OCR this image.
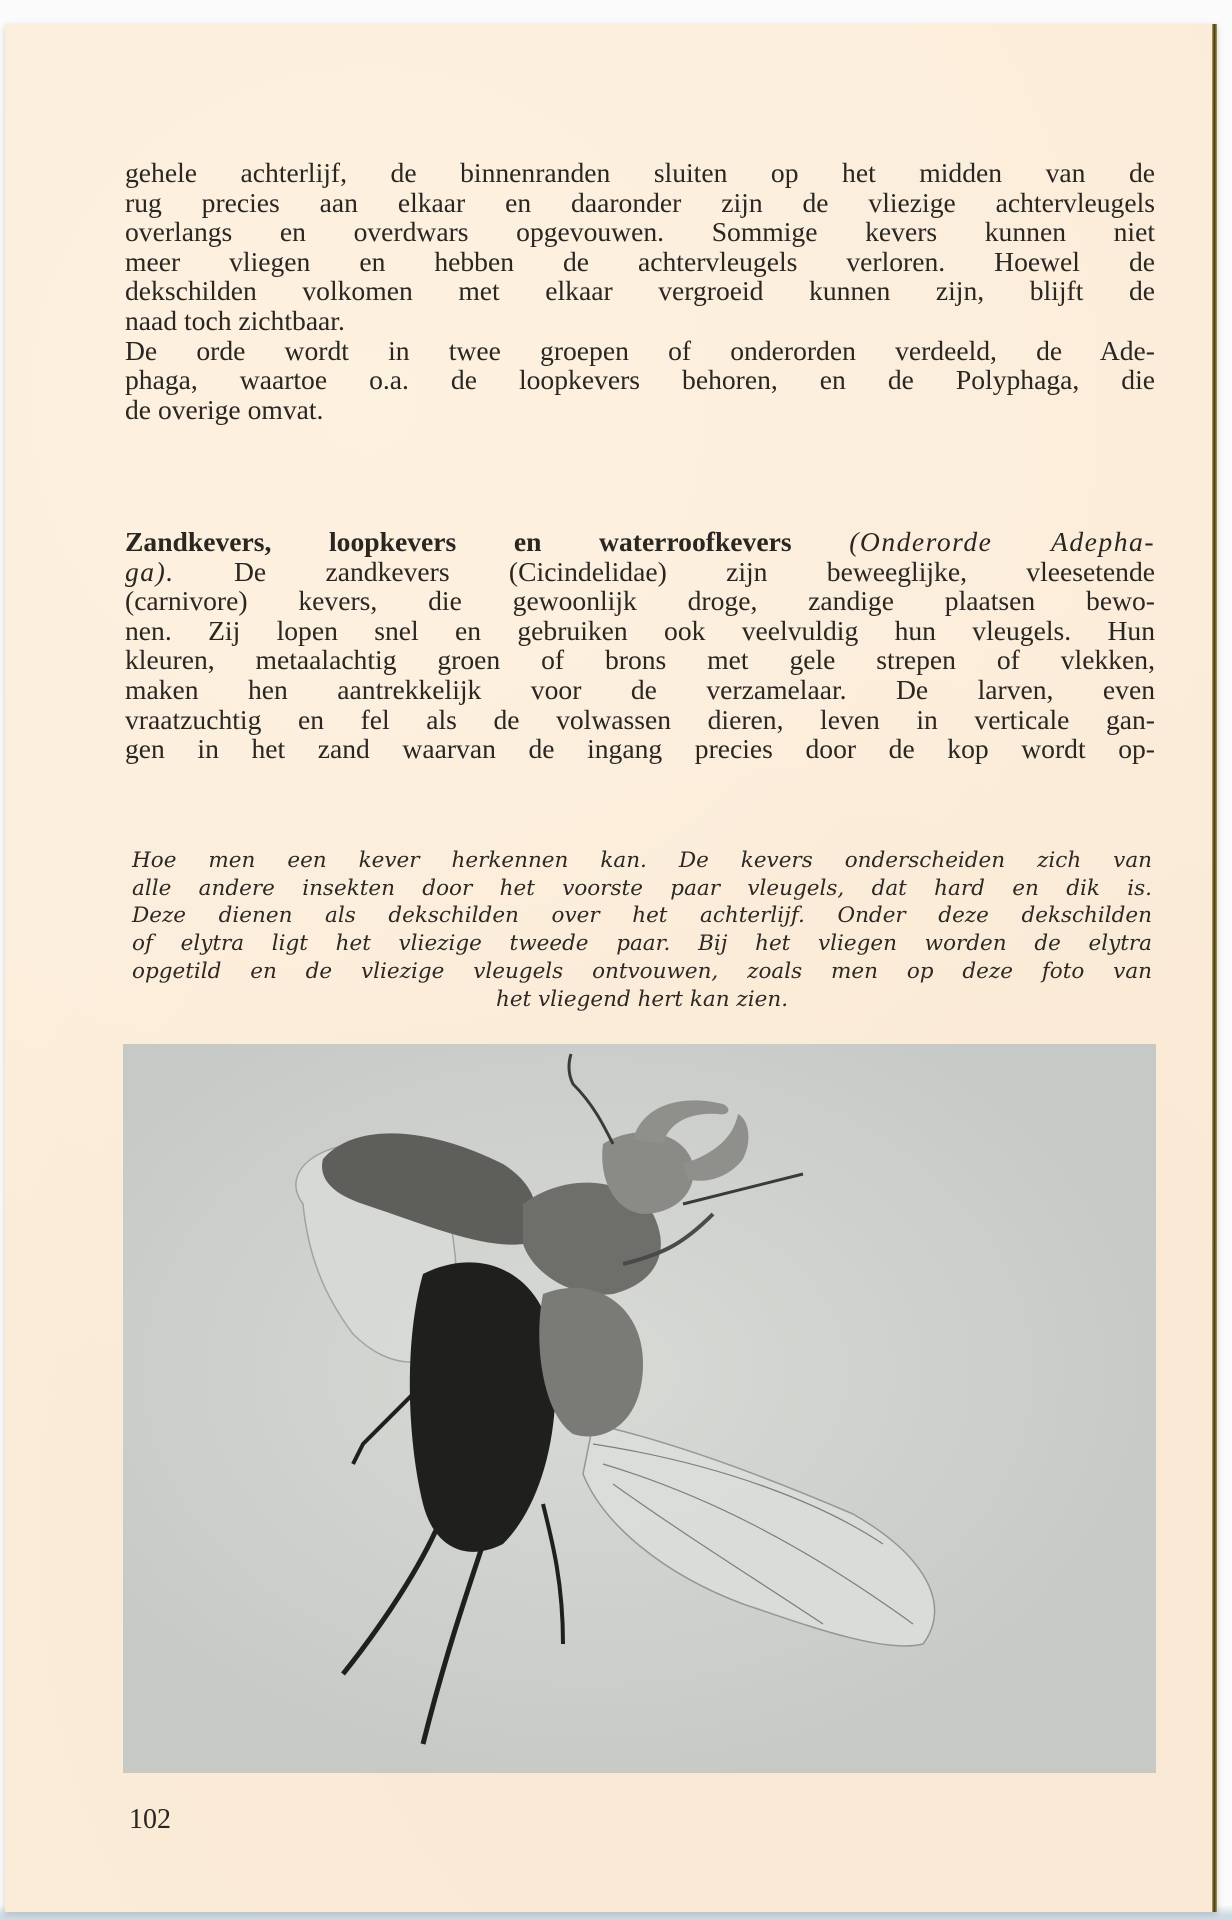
gehele achterlijf, de binnenranden sluiten op het midden van de
rug precies aan elkaar en daaronder zijn de vliezige achtervleugels
overlangs en overdwars opgevouwen. Sommige kevers kunnen niet
meer vliegen en hebben de achtervleugels verloren. Hoewel de
dekschilden volkomen met elkaar vergroeid kunnen zijn, blijft de
naad toch zichtbaar.

De orde wordt in twee groepen of onderorden verdeeld, de Ade-
phaga, waartoe o.a. de loopkevers behoren, en de Polyphaga, die
de overige omvat.

Zandkevers, loopkevers en waterroofkevers (Onderorde Adepha-
ga). De zandkevers (Cicindelidae) zijn beweeglijke, vleesetende
(carnivore) kevers, die gewoonlijk droge, zandige plaatsen bewo-
nen. Zij lopen snel en gebruiken ook veelvuldig hun vleugels. Hun
kleuren, metaalachtig groen of brons met gele strepen of vlekken,
maken hen aantrekkelijk voor de verzamelaar. De larven, even
vraatzuchtig en fel als de volwassen dieren, leven in verticale gan-
gen in het zand waarvan de ingang precies door de kop wordt op-
Hoe men een kever herkennen kan. De kevers onderscheiden zich van
alle andere insekten door het voorste paar vleugels, dat hard en dik is.
Deze dienen als dekschilden over het achterlijf. Onder deze dekschilden
of elytra ligt het vliezige tweede paar. Bij het vliegen worden de elytra
opgetild en de vliezige vleugels ontvouwen, zoals men op deze foto van
het vliegend hert kan zien.
102
